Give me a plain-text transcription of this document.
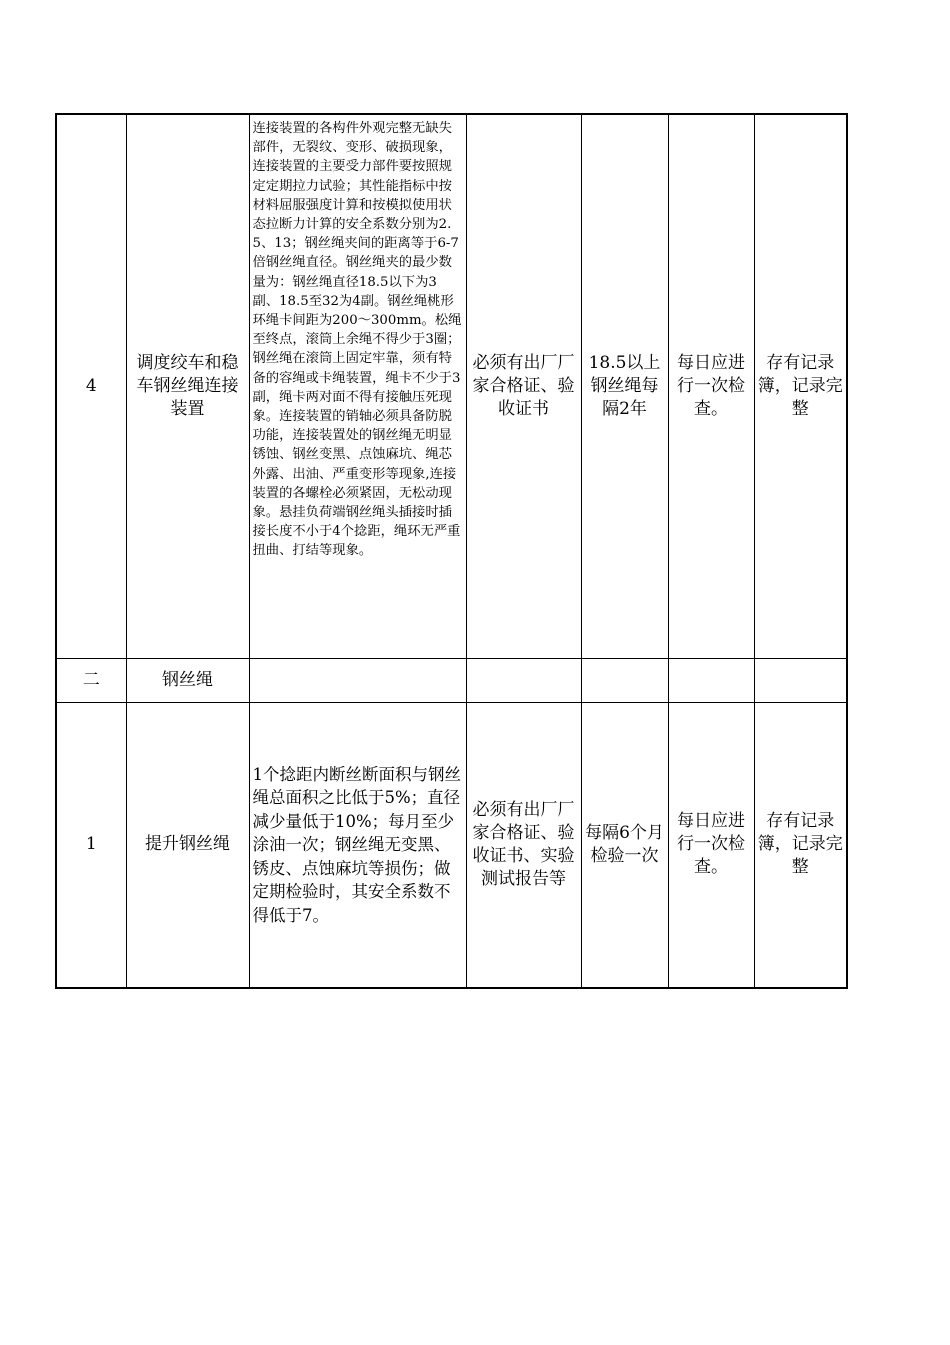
4	调度绞车和稳车钢丝绳连接装置	连接装置的各构件外观完整无缺失部件，无裂纹、变形、破损现象，连接装置的主要受力部件要按照规定定期拉力试验；其性能指标中按材料屈服强度计算和按模拟使用状态拉断力计算的安全系数分别为2.5、13；钢丝绳夹间的距离等于6-7倍钢丝绳直径。钢丝绳夹的最少数量为：钢丝绳直径18.5以下为3副、18.5至32为4副。钢丝绳桃形环绳卡间距为200～300mm。松绳至终点，滚筒上余绳不得少于3圈；钢丝绳在滚筒上固定牢靠，须有特备的容绳或卡绳装置，绳卡不少于3副，绳卡两对面不得有接触压死现象。连接装置的销轴必须具备防脱功能，连接装置处的钢丝绳无明显锈蚀、钢丝变黑、点蚀麻坑、绳芯外露、出油、严重变形等现象,连接装置的各螺栓必须紧固，无松动现象。悬挂负荷端钢丝绳头插接时插接长度不小于4个捻距，绳环无严重扭曲、打结等现象。	必须有出厂厂家合格证、验收证书	18.5以上钢丝绳每隔2年	每日应进行一次检查。	存有记录簿，记录完整

二	钢丝绳					

1	提升钢丝绳	1个捻距内断丝断面积与钢丝绳总面积之比低于5%；直径减少量低于10%；每月至少涂油一次；钢丝绳无变黑、锈皮、点蚀麻坑等损伤；做定期检验时，其安全系数不得低于7。	必须有出厂厂家合格证、验收证书、实验测试报告等	每隔6个月检验一次	每日应进行一次检查。	存有记录簿，记录完整
